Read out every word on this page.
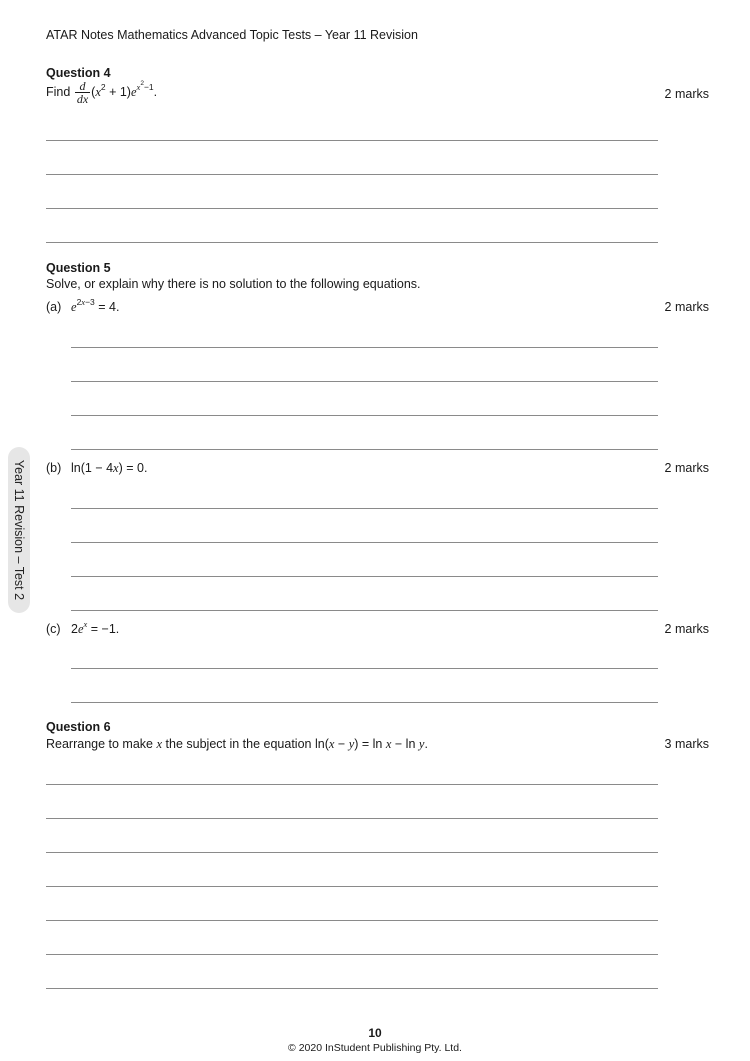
ATAR Notes Mathematics Advanced Topic Tests – Year 11 Revision
Question 4
Find $\frac{d}{dx} (x^2 + 1)e^{x^2-1}$.	2 marks
Question 5
Solve, or explain why there is no solution to the following equations.
(a) $e^{2x-3} = 4$.	2 marks
(b) ln(1 − 4x) = 0.	2 marks
(c) $2e^x = -1$.	2 marks
Question 6
Rearrange to make x the subject in the equation ln(x − y) = ln x − ln y.	3 marks
Year 11 Revision – Test 2
10
© 2020 InStudent Publishing Pty. Ltd.
